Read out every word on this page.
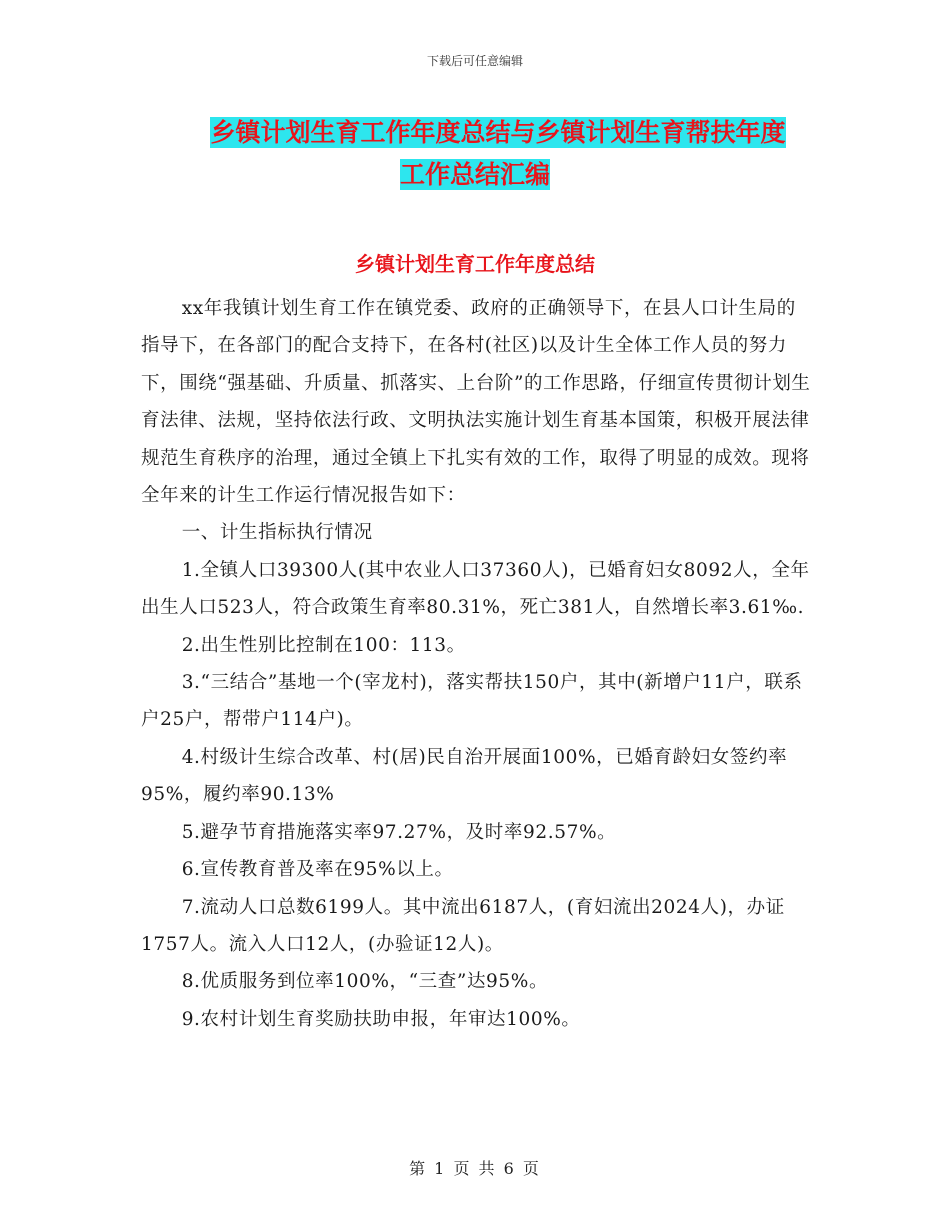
下载后可任意编辑
乡镇计划生育工作年度总结与乡镇计划生育帮扶年度
工作总结汇编
乡镇计划生育工作年度总结

xx年我镇计划生育工作在镇党委、政府的正确领导下，在县人口计生局的指导下，在各部门的配合支持下，在各村(社区)以及计生全体工作人员的努力下，围绕“强基础、升质量、抓落实、上台阶”的工作思路，仔细宣传贯彻计划生育法律、法规，坚持依法行政、文明执法实施计划生育基本国策，积极开展法律规范生育秩序的治理，通过全镇上下扎实有效的工作，取得了明显的成效。现将全年来的计生工作运行情况报告如下：

一、计生指标执行情况

1.全镇人口39300人(其中农业人口37360人)，已婚育妇女8092人，全年出生人口523人，符合政策生育率80.31%，死亡381人，自然增长率3.61‰.

2.出生性别比控制在100：113。

3.“三结合”基地一个(宰龙村)，落实帮扶150户，其中(新增户11户，联系户25户，帮带户114户)。

4.村级计生综合改革、村(居)民自治开展面100%，已婚育龄妇女签约率95%，履约率90.13%

5.避孕节育措施落实率97.27%，及时率92.57%。

6.宣传教育普及率在95%以上。

7.流动人口总数6199人。其中流出6187人，(育妇流出2024人)，办证1757人。流入人口12人，(办验证12人)。

8.优质服务到位率100%，“三查”达95%。

9.农村计划生育奖励扶助申报，年审达100%。

第 1 页 共 6 页
